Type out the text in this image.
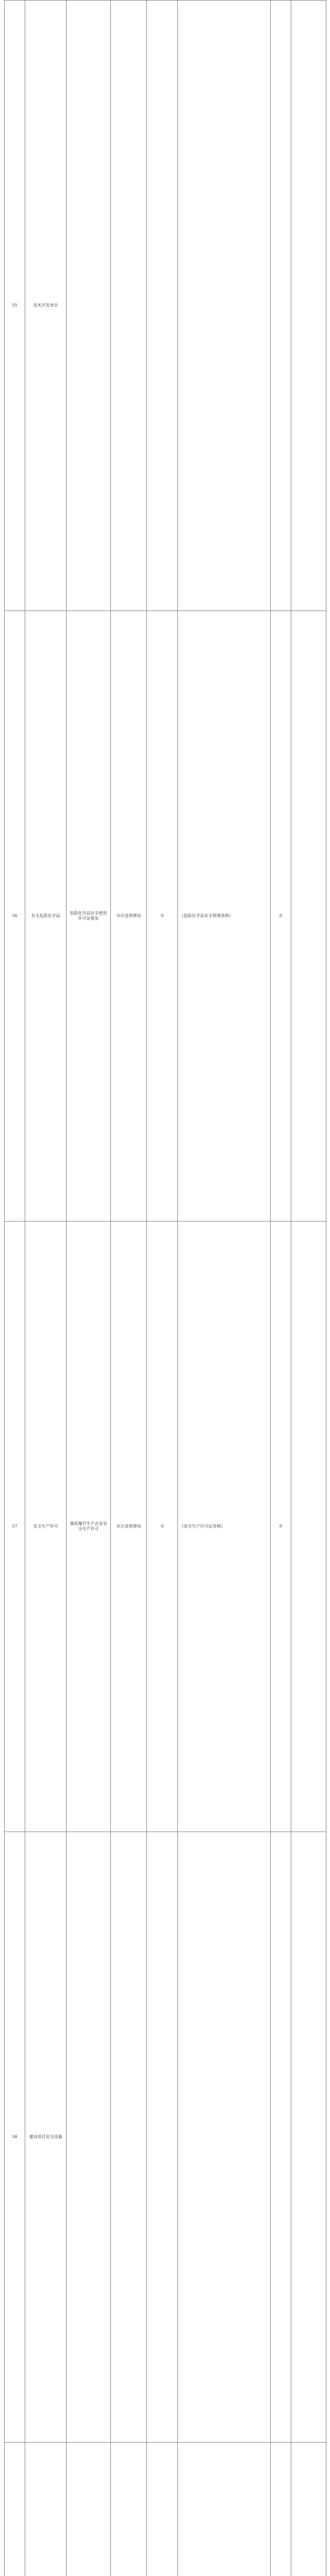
55	技术开发单位						
56	有关危险化学品	危险化学品安全使用许可证核发	市应急管理局	市	《危险化学品安全管理条例》	市	
57	安全生产许可	烟花爆竹生产企业安全生产许可	市应急管理局	市	《安全生产许可证条例》	市	
58	建设项目安全设施						
